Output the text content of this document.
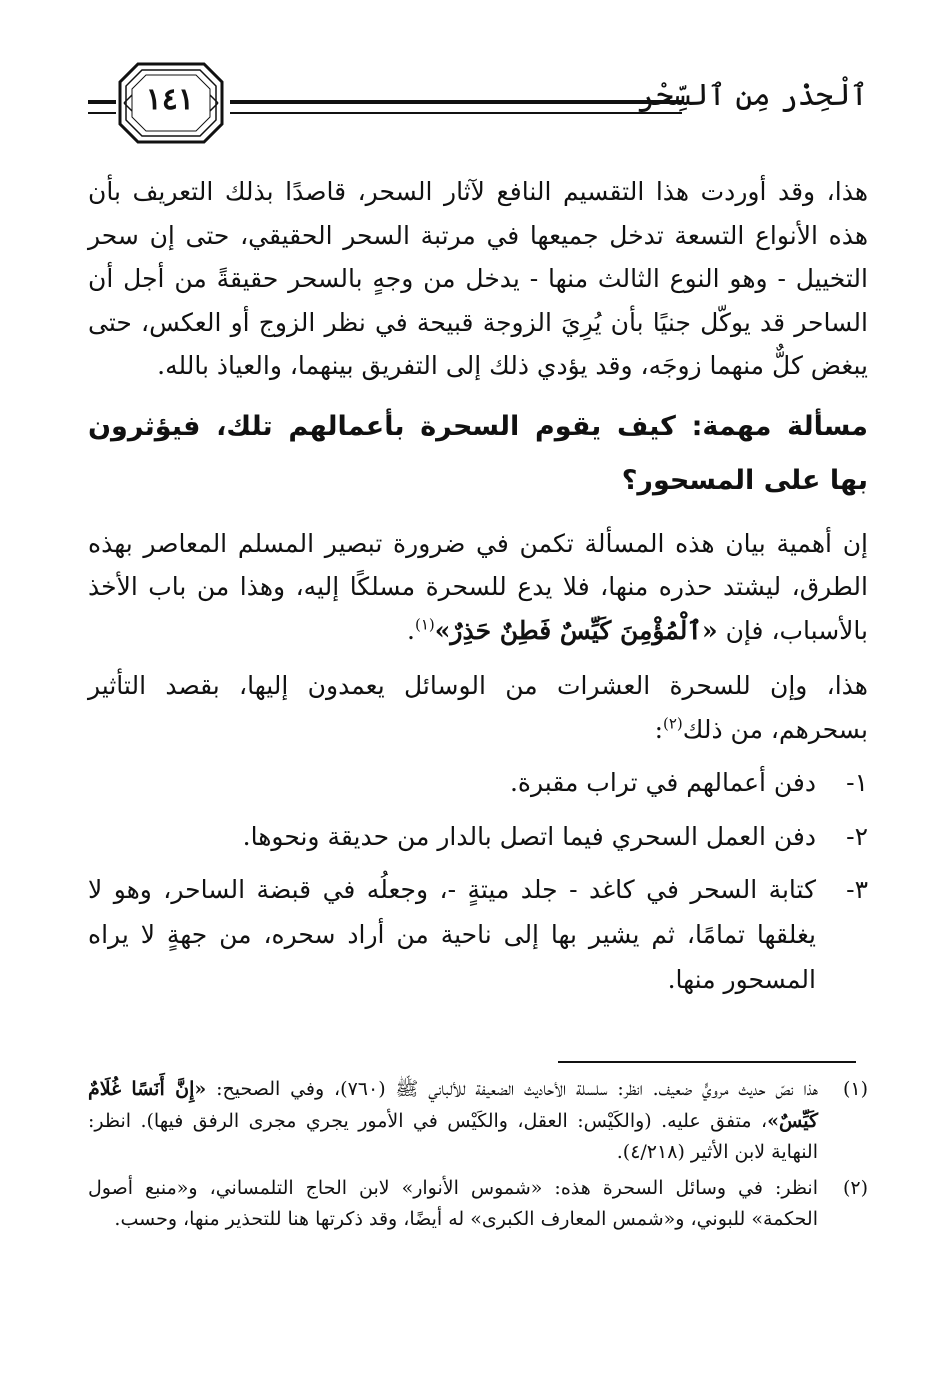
ٱلْحِذْر مِن ٱلسِّحْر
١٤١

هذا، وقد أوردت هذا التقسيم النافع لآثار السحر، قاصدًا بذلك التعريف بأن هذه الأنواع التسعة تدخل جميعها في مرتبة السحر الحقيقي، حتى إن سحر التخييل - وهو النوع الثالث منها - يدخل من وجهٍ بالسحر حقيقةً من أجل أن الساحر قد يوكّل جنيًا بأن يُرِيَ الزوجة قبيحة في نظر الزوج أو العكس، حتى يبغض كلٌّ منهما زوجَه، وقد يؤدي ذلك إلى التفريق بينهما، والعياذ بالله.

مسألة مهمة: كيف يقوم السحرة بأعمالهم تلك، فيؤثرون بها على المسحور؟

إن أهمية بيان هذه المسألة تكمن في ضرورة تبصير المسلم المعاصر بهذه الطرق، ليشتد حذره منها، فلا يدع للسحرة مسلكًا إليه، وهذا من باب الأخذ بالأسباب، فإن «ٱلْمُؤْمِنَ كَيِّسٌ فَطِنٌ حَذِرٌ»$^{(١)}$.

هذا، وإن للسحرة العشرات من الوسائل يعمدون إليها، بقصد التأثير بسحرهم، من ذلك$^{(٢)}$:

١-
دفن أعمالهم في تراب مقبرة.
٢-
دفن العمل السحري فيما اتصل بالدار من حديقة ونحوها.
٣-
كتابة السحر في كاغد - جلد ميتةٍ -، وجعلُه في قبضة الساحر، وهو لا يغلقها تمامًا، ثم يشير بها إلى ناحية من أراد سحره، من جهةٍ لا يراه المسحور منها.
(١)
هذا نصّ حديث مرويٍّ ضعيف. انظر: سلسلة الأحاديث الضعيفة للألباني ﷺ (٧٦٠)، وفي الصحيح: «إِنَّ أَنَسًا غُلَامٌ كَيِّسٌ»، متفق عليه. (والكَيْس: العقل، والكَيْس في الأمور يجري مجرى الرفق فيها). انظر: النهاية لابن الأثير (٤/٢١٨).
(٢)
انظر: في وسائل السحرة هذه: «شموس الأنوار» لابن الحاج التلمساني، و«منبع أصول الحكمة» للبوني، و«شمس المعارف الكبرى» له أيضًا، وقد ذكرتها هنا للتحذير منها، وحسب.
